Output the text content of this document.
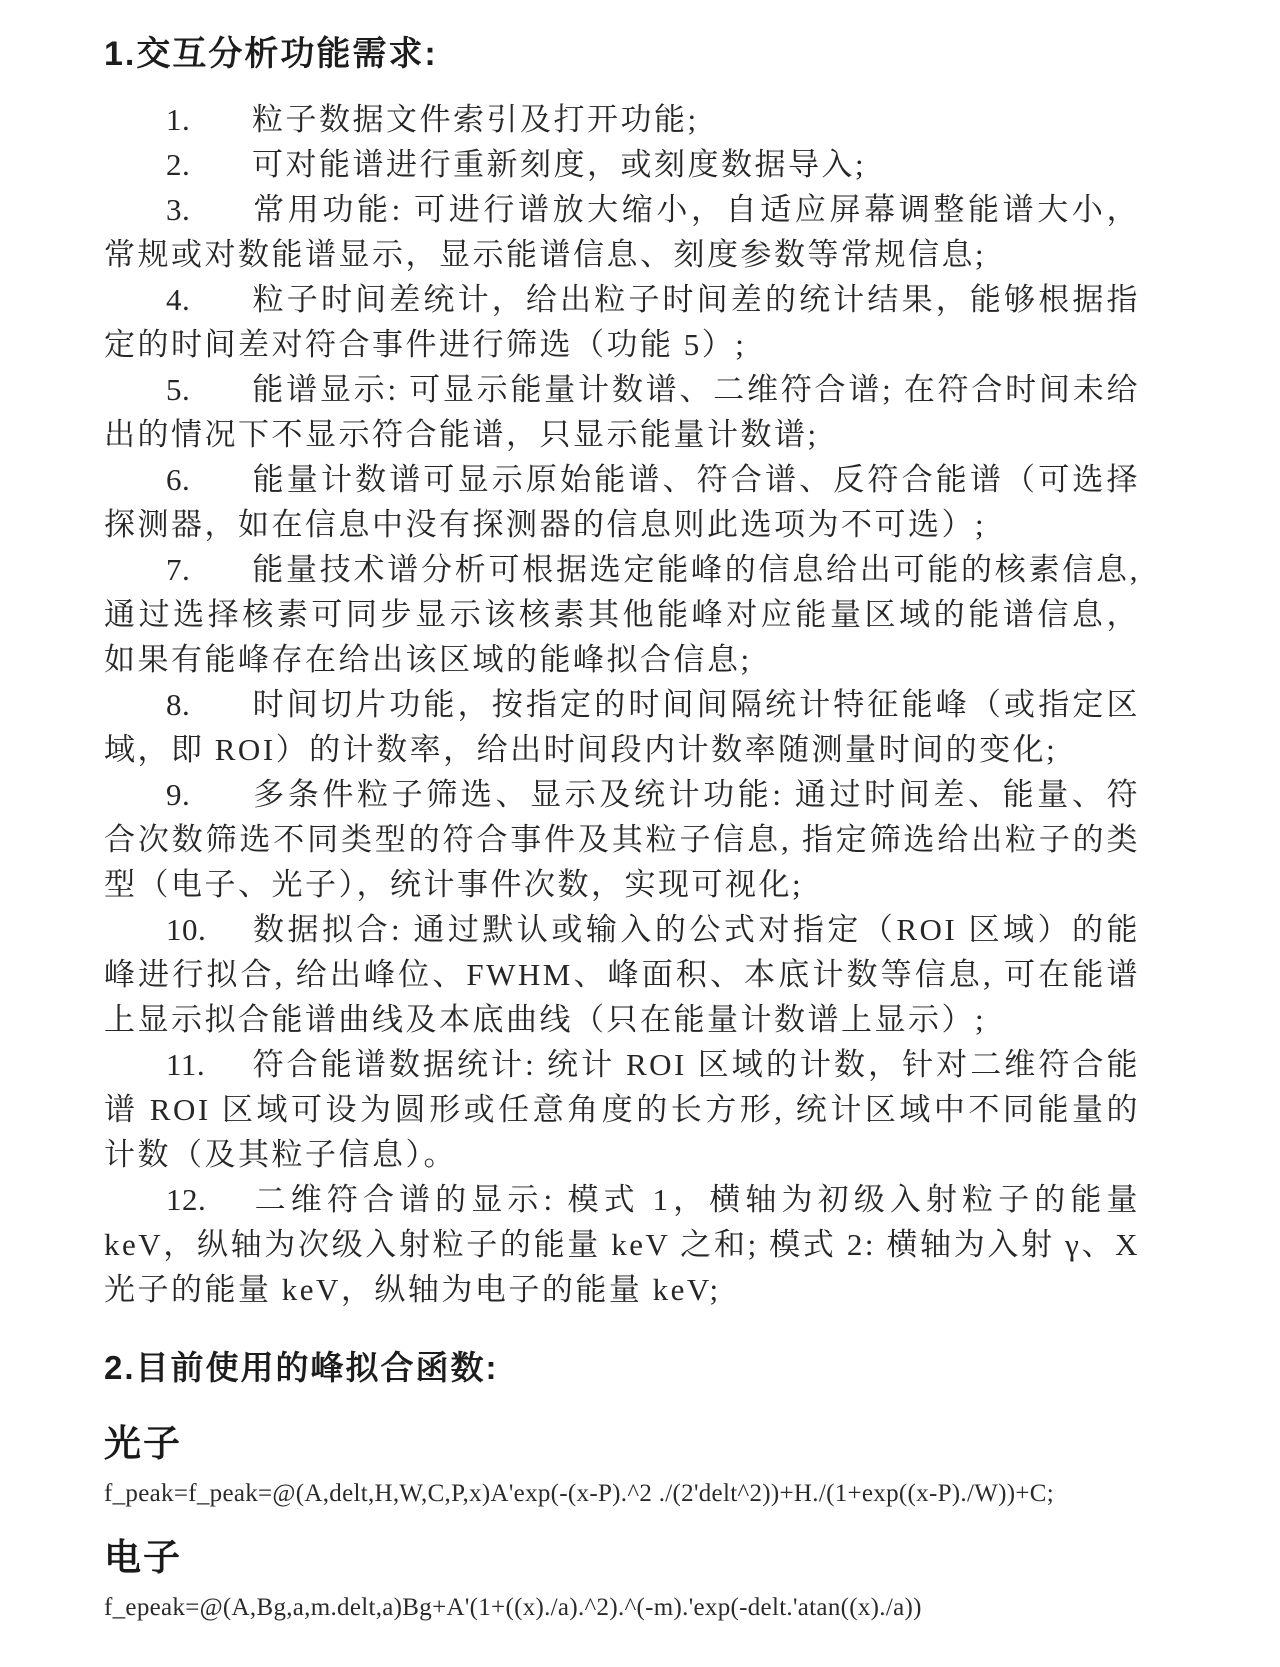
1.交互分析功能需求:

1. 粒子数据文件索引及打开功能;

2. 可对能谱进行重新刻度，或刻度数据导入;

3. 常用功能: 可进行谱放大缩小，自适应屏幕调整能谱大小，常规或对数能谱显示，显示能谱信息、刻度参数等常规信息;

4. 粒子时间差统计，给出粒子时间差的统计结果，能够根据指定的时间差对符合事件进行筛选（功能 5）;

5. 能谱显示: 可显示能量计数谱、二维符合谱; 在符合时间未给出的情况下不显示符合能谱，只显示能量计数谱;

6. 能量计数谱可显示原始能谱、符合谱、反符合能谱（可选择探测器，如在信息中没有探测器的信息则此选项为不可选）;

7. 能量技术谱分析可根据选定能峰的信息给出可能的核素信息, 通过选择核素可同步显示该核素其他能峰对应能量区域的能谱信息，如果有能峰存在给出该区域的能峰拟合信息;

8. 时间切片功能，按指定的时间间隔统计特征能峰（或指定区域，即 ROI）的计数率，给出时间段内计数率随测量时间的变化;

9. 多条件粒子筛选、显示及统计功能: 通过时间差、能量、符合次数筛选不同类型的符合事件及其粒子信息, 指定筛选给出粒子的类型（电子、光子），统计事件次数，实现可视化;

10. 数据拟合: 通过默认或输入的公式对指定（ROI 区域）的能峰进行拟合, 给出峰位、FWHM、峰面积、本底计数等信息, 可在能谱上显示拟合能谱曲线及本底曲线（只在能量计数谱上显示）;

11. 符合能谱数据统计: 统计 ROI 区域的计数，针对二维符合能谱 ROI 区域可设为圆形或任意角度的长方形, 统计区域中不同能量的计数（及其粒子信息）。

12. 二维符合谱的显示: 模式 1，横轴为初级入射粒子的能量 keV，纵轴为次级入射粒子的能量 keV 之和; 模式 2: 横轴为入射 γ、X 光子的能量 keV，纵轴为电子的能量 keV;

2.目前使用的峰拟合函数:
光子
f_peak=f_peak=@(A,delt,H,W,C,P,x)A'exp(-(x-P).^2 ./(2'delt^2))+H./(1+exp((x-P)./W))+C;
电子
f_epeak=@(A,Bg,a,m.delt,a)Bg+A'(1+((x)./a).^2).^(-m).'exp(-delt.'atan((x)./a))
